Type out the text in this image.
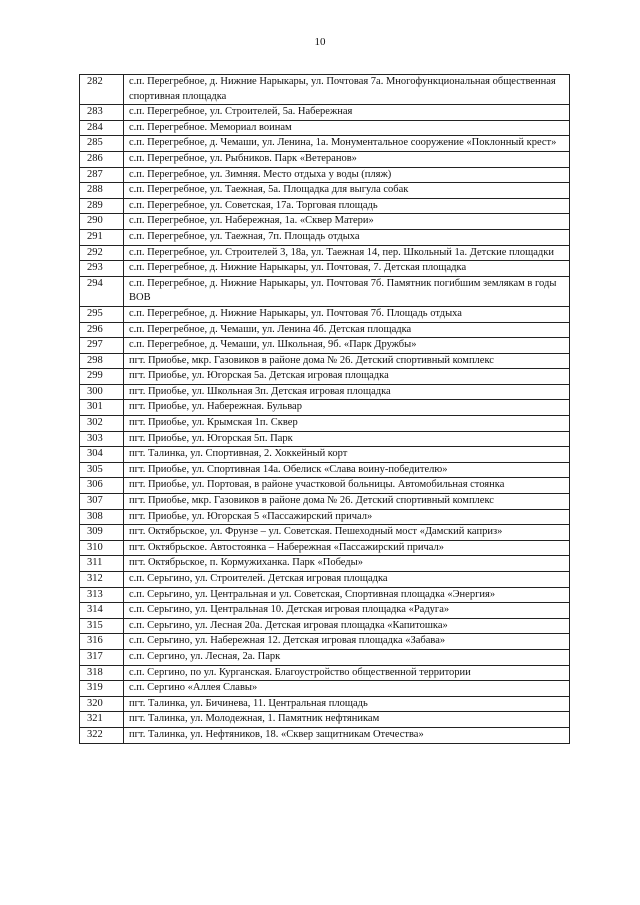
10
282	с.п. Перегребное, д. Нижние Нарыкары, ул. Почтовая 7а. Многофункциональная общественная спортивная площадка
283	с.п. Перегребное, ул. Строителей, 5а. Набережная
284	с.п. Перегребное. Мемориал воинам
285	с.п. Перегребное, д. Чемаши, ул. Ленина, 1а. Монументальное сооружение «Поклонный крест»
286	с.п. Перегребное, ул. Рыбников. Парк «Ветеранов»
287	с.п. Перегребное, ул. Зимняя. Место отдыха у воды (пляж)
288	с.п. Перегребное, ул. Таежная, 5а. Площадка для выгула собак
289	с.п. Перегребное, ул. Советская, 17а. Торговая площадь
290	с.п. Перегребное, ул. Набережная, 1а. «Сквер Матери»
291	с.п. Перегребное, ул. Таежная, 7п. Площадь отдыха
292	с.п. Перегребное, ул. Строителей 3, 18а, ул. Таежная 14, пер. Школьный 1а. Детские площадки
293	с.п. Перегребное, д. Нижние Нарыкары, ул. Почтовая, 7. Детская площадка
294	с.п. Перегребное, д. Нижние Нарыкары, ул. Почтовая 7б. Памятник погибшим землякам в годы ВОВ
295	с.п. Перегребное, д. Нижние Нарыкары, ул. Почтовая 7б. Площадь отдыха
296	с.п. Перегребное, д. Чемаши, ул. Ленина 4б. Детская площадка
297	с.п. Перегребное, д. Чемаши, ул. Школьная, 9б. «Парк Дружбы»
298	пгт. Приобье, мкр. Газовиков в районе дома № 26. Детский спортивный комплекс
299	пгт. Приобье, ул. Югорская 5а. Детская игровая площадка
300	пгт. Приобье, ул. Школьная 3п. Детская игровая площадка
301	пгт. Приобье, ул. Набережная. Бульвар
302	пгт. Приобье, ул. Крымская 1п. Сквер
303	пгт. Приобье, ул. Югорская 5п. Парк
304	пгт. Талинка, ул. Спортивная, 2. Хоккейный корт
305	пгт. Приобье, ул. Спортивная 14а. Обелиск «Слава воину-победителю»
306	пгт. Приобье, ул. Портовая, в районе участковой больницы. Автомобильная стоянка
307	пгт. Приобье, мкр. Газовиков в районе дома № 26. Детский спортивный комплекс
308	пгт. Приобье, ул. Югорская 5 «Пассажирский причал»
309	пгт. Октябрьское, ул. Фрунзе – ул. Советская. Пешеходный мост «Дамский каприз»
310	пгт. Октябрьское. Автостоянка – Набережная «Пассажирский причал»
311	пгт. Октябрьское, п. Кормужиханка. Парк «Победы»
312	с.п. Серьгино, ул. Строителей. Детская игровая площадка
313	с.п. Серьгино, ул. Центральная и ул. Советская, Спортивная площадка «Энергия»
314	с.п. Серьгино, ул. Центральная 10. Детская игровая площадка «Радуга»
315	с.п. Серьгино, ул. Лесная 20а. Детская игровая площадка «Капитошка»
316	с.п. Серьгино, ул. Набережная 12. Детская игровая площадка «Забава»
317	с.п. Сергино, ул. Лесная, 2а. Парк
318	с.п. Сергино, по ул. Курганская. Благоустройство общественной территории
319	с.п. Сергино «Аллея Славы»
320	пгт. Талинка, ул. Бичинева, 11. Центральная площадь
321	пгт. Талинка, ул. Молодежная, 1. Памятник нефтяникам
322	пгт. Талинка, ул. Нефтяников, 18. «Сквер защитникам Отечества»
